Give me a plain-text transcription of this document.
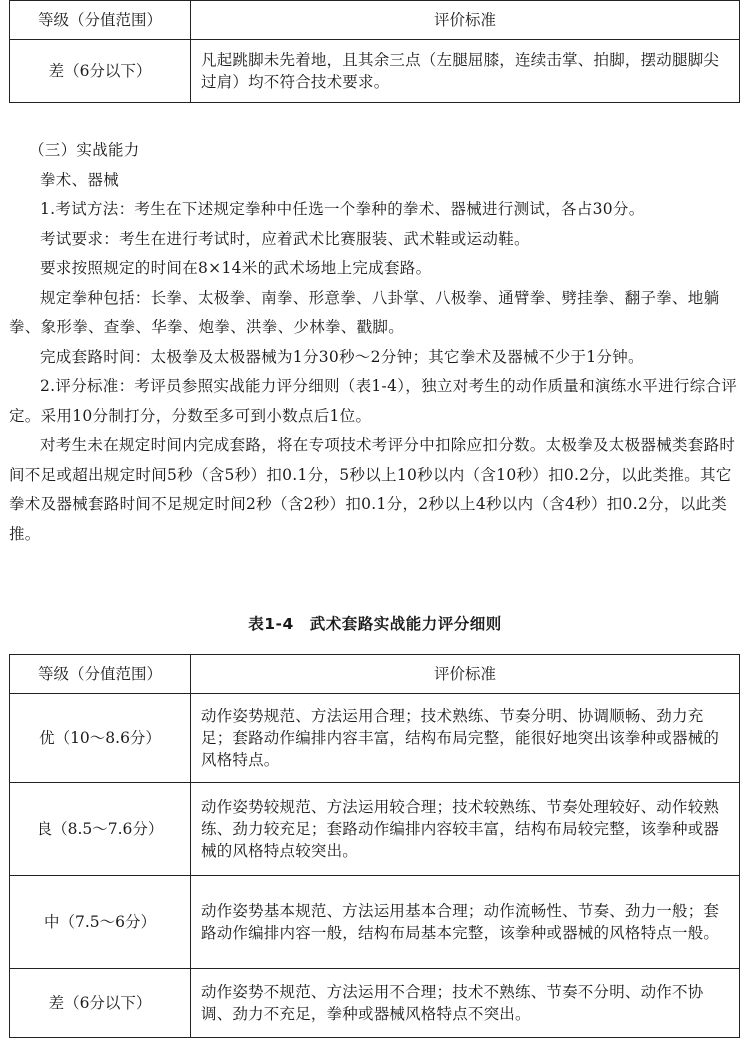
等级（分值范围）	评价标准
差（6分以下）	凡起跳脚未先着地，且其余三点（左腿屈膝，连续击掌、拍脚，摆动腿脚尖过肩）均不符合技术要求。

（三）实战能力

拳术、器械

1.考试方法：考生在下述规定拳种中任选一个拳种的拳术、器械进行测试，各占30分。

考试要求：考生在进行考试时，应着武术比赛服装、武术鞋或运动鞋。

要求按照规定的时间在8×14米的武术场地上完成套路。

规定拳种包括：长拳、太极拳、南拳、形意拳、八卦掌、八极拳、通臂拳、劈挂拳、翻子拳、地躺拳、象形拳、查拳、华拳、炮拳、洪拳、少林拳、戳脚。

完成套路时间：太极拳及太极器械为1分30秒～2分钟；其它拳术及器械不少于1分钟。

2.评分标准：考评员参照实战能力评分细则（表1-4），独立对考生的动作质量和演练水平进行综合评定。采用10分制打分，分数至多可到小数点后1位。

对考生未在规定时间内完成套路，将在专项技术考评分中扣除应扣分数。太极拳及太极器械类套路时间不足或超出规定时间5秒（含5秒）扣0.1分，5秒以上10秒以内（含10秒）扣0.2分，以此类推。其它拳术及器械套路时间不足规定时间2秒（含2秒）扣0.1分，2秒以上4秒以内（含4秒）扣0.2分，以此类推。

表1-4　武术套路实战能力评分细则
等级（分值范围）	评价标准
优（10～8.6分）	动作姿势规范、方法运用合理；技术熟练、节奏分明、协调顺畅、劲力充足；套路动作编排内容丰富，结构布局完整，能很好地突出该拳种或器械的风格特点。
良（8.5～7.6分）	动作姿势较规范、方法运用较合理；技术较熟练、节奏处理较好、动作较熟练、劲力较充足；套路动作编排内容较丰富，结构布局较完整，该拳种或器械的风格特点较突出。
中（7.5～6分）	动作姿势基本规范、方法运用基本合理；动作流畅性、节奏、劲力一般；套路动作编排内容一般，结构布局基本完整，该拳种或器械的风格特点一般。
差（6分以下）	动作姿势不规范、方法运用不合理；技术不熟练、节奏不分明、动作不协调、劲力不充足，拳种或器械风格特点不突出。
